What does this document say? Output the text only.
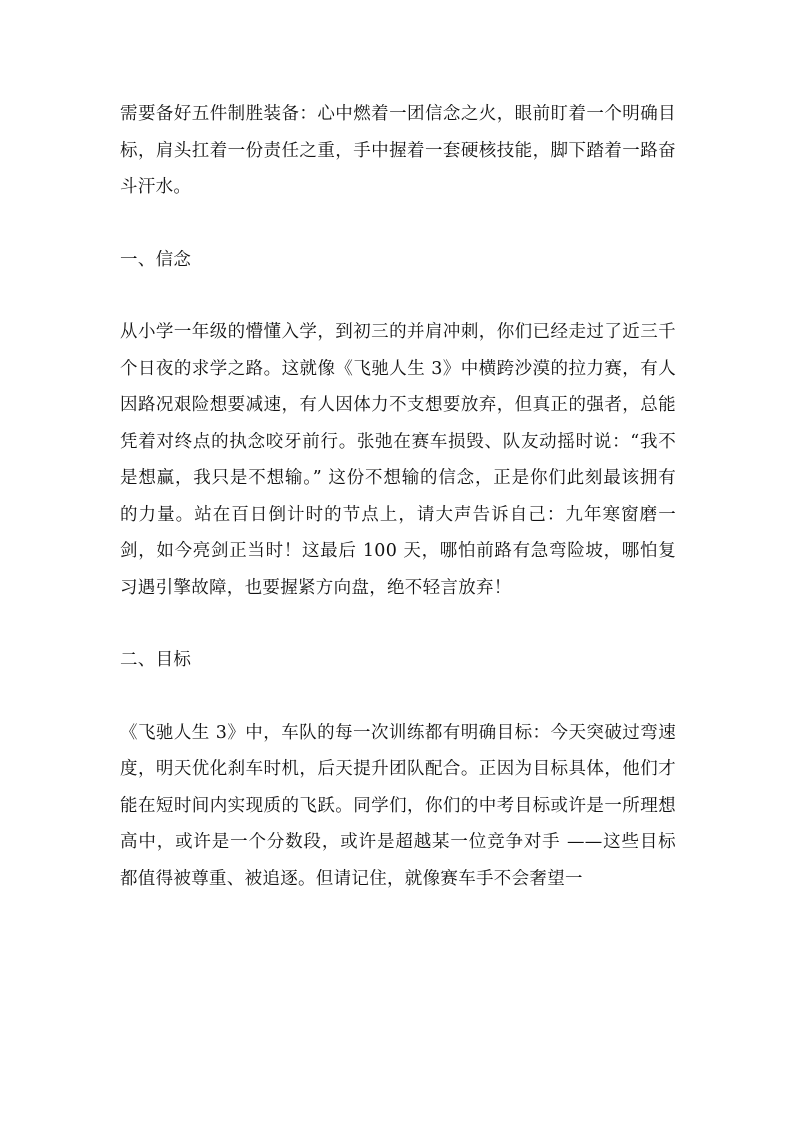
需要备好五件制胜装备：心中燃着一团信念之火，眼前盯着一个明确目标，肩头扛着一份责任之重，手中握着一套硬核技能，脚下踏着一路奋斗汗水。

一、信念

从小学一年级的懵懂入学，到初三的并肩冲刺，你们已经走过了近三千个日夜的求学之路。这就像《飞驰人生 3》中横跨沙漠的拉力赛，有人因路况艰险想要减速，有人因体力不支想要放弃，但真正的强者，总能凭着对终点的执念咬牙前行。张弛在赛车损毁、队友动摇时说：“我不是想赢，我只是不想输。” 这份不想输的信念，正是你们此刻最该拥有的力量。站在百日倒计时的节点上，请大声告诉自己：九年寒窗磨一剑，如今亮剑正当时！这最后 100 天，哪怕前路有急弯险坡，哪怕复习遇引擎故障，也要握紧方向盘，绝不轻言放弃！

二、目标

《飞驰人生 3》中，车队的每一次训练都有明确目标：今天突破过弯速度，明天优化刹车时机，后天提升团队配合。正因为目标具体，他们才能在短时间内实现质的飞跃。同学们，你们的中考目标或许是一所理想高中，或许是一个分数段，或许是超越某一位竞争对手 ——这些目标都值得被尊重、被追逐。但请记住，就像赛车手不会奢望一
